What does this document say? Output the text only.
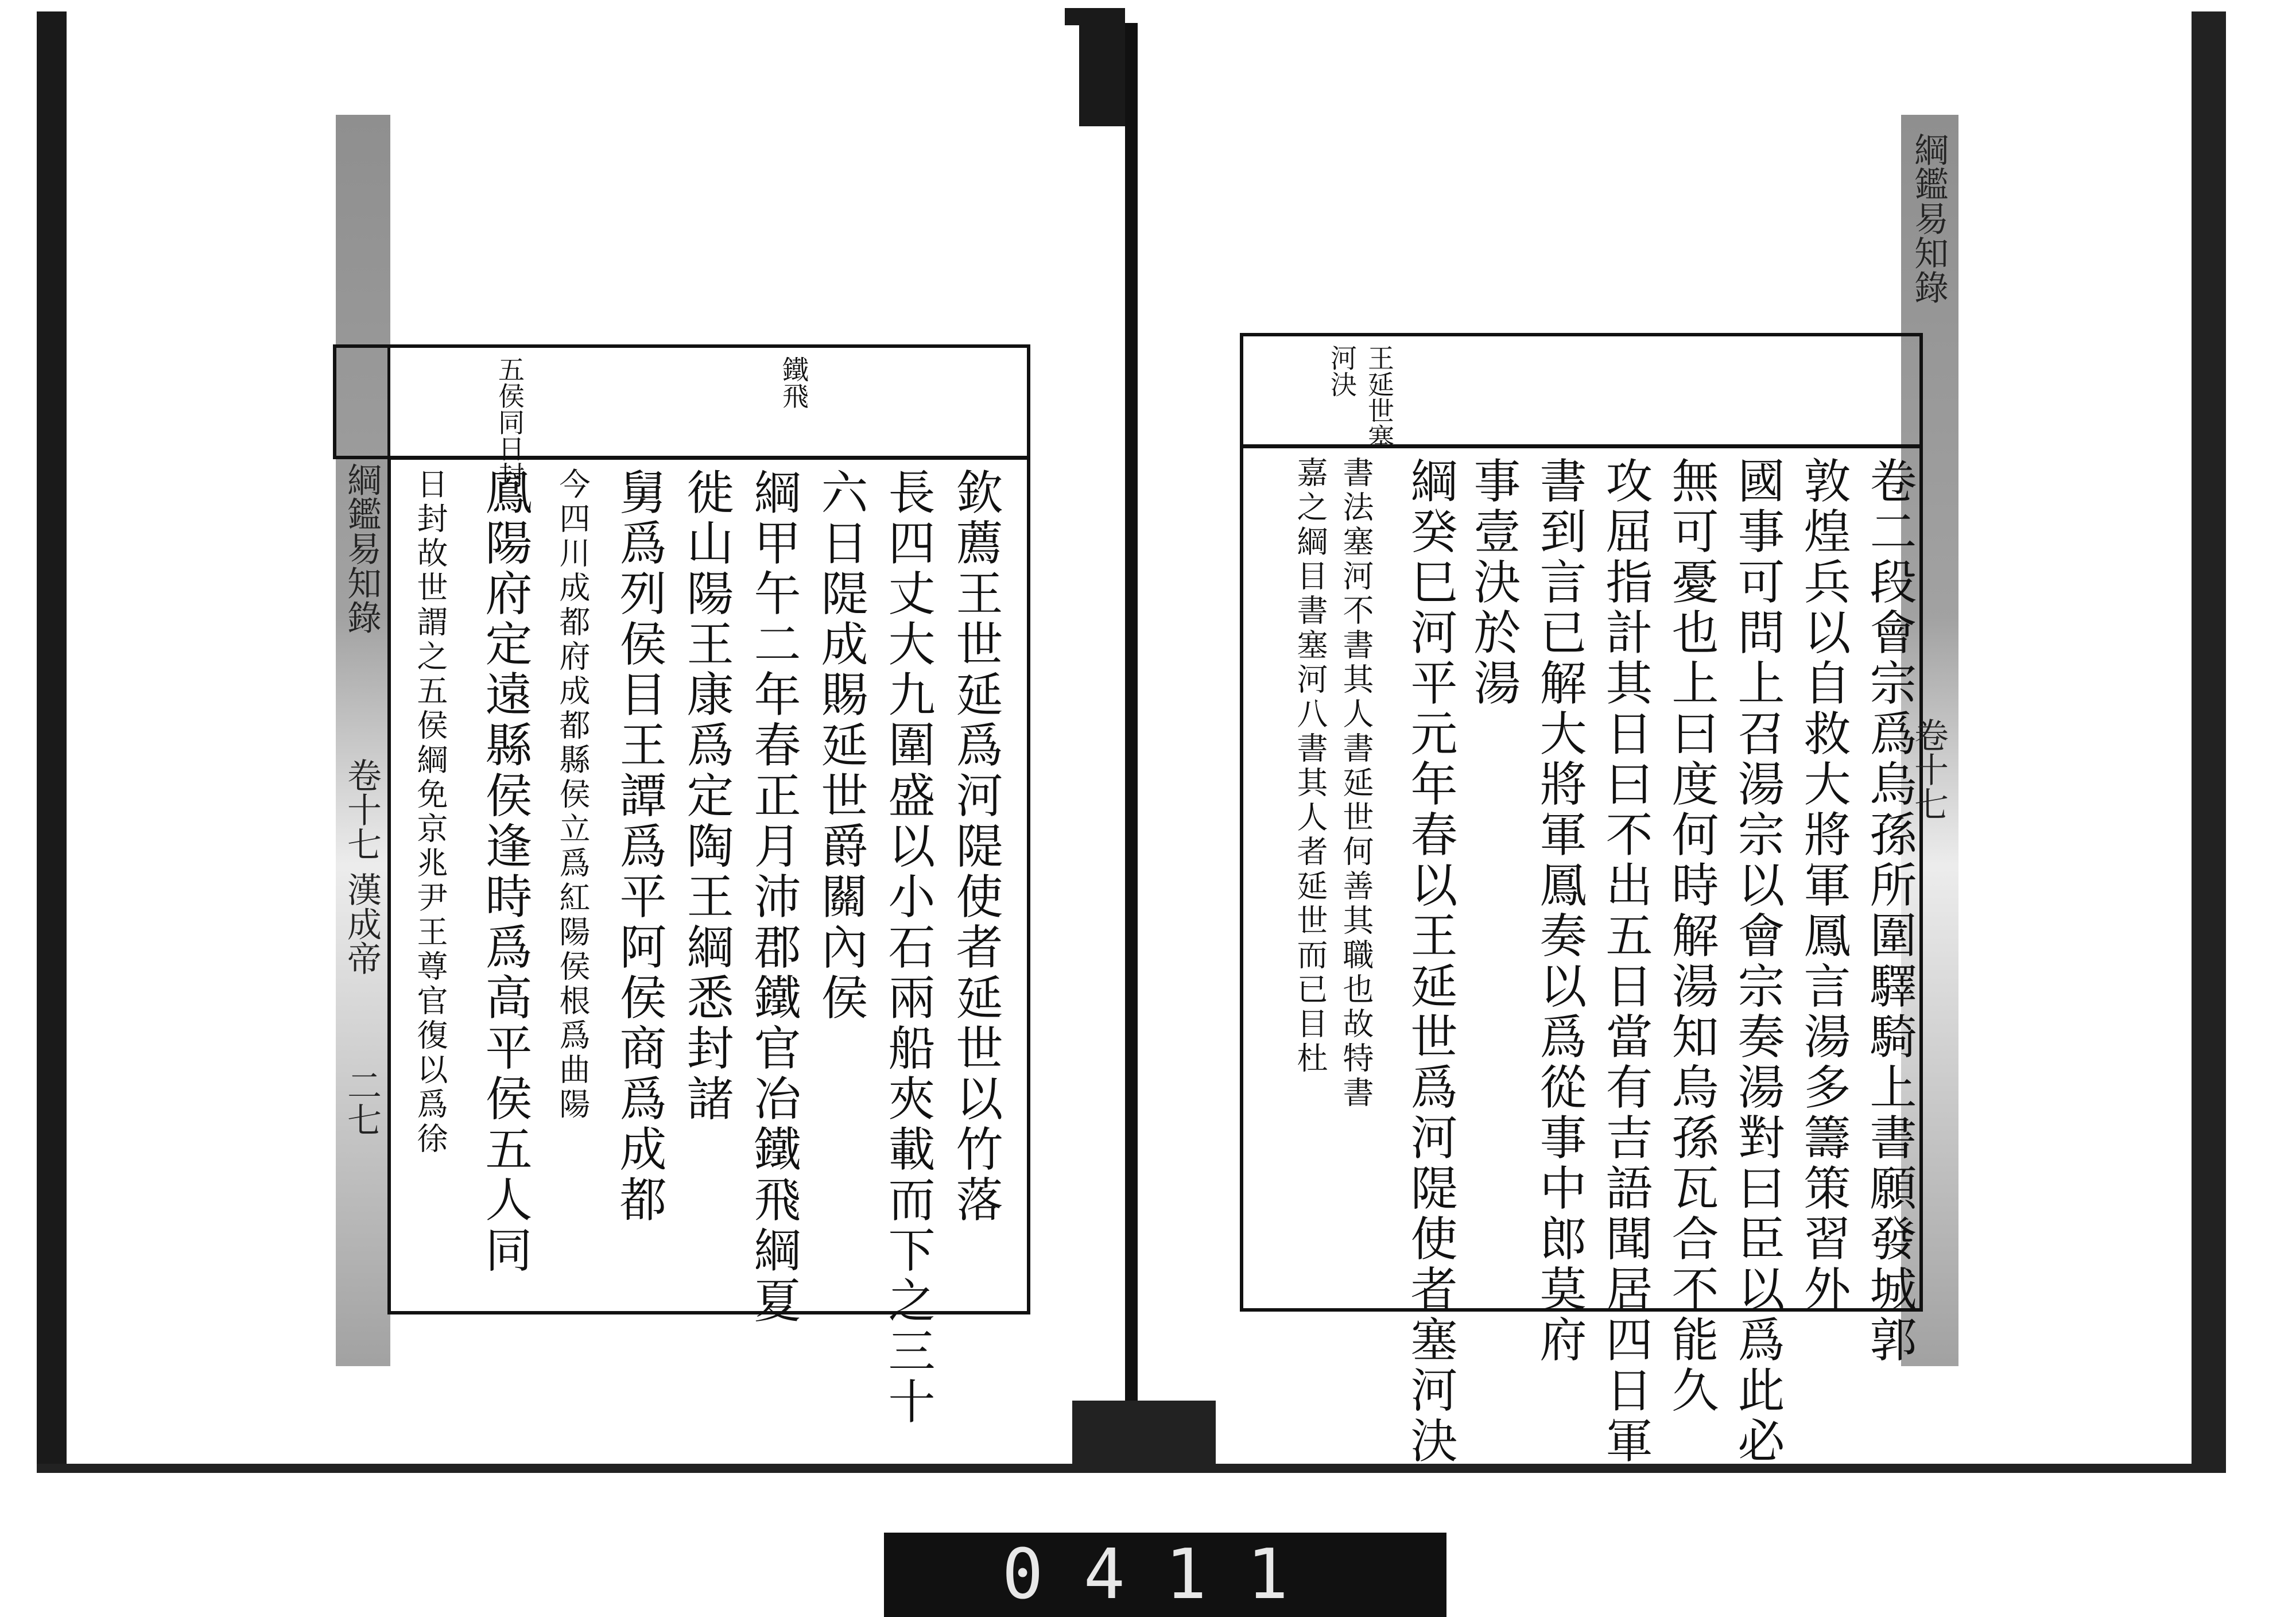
五侯同日封	鐵飛
綱鑑易知錄
卷十七 漢成帝
二七	欽薦王世延爲河隄使者延世以竹落
長四丈大九圍盛以小石兩船夾載而下之三十
六日隄成賜延世爵關內侯
綱甲午二年春正月沛郡鐵官冶鐵飛綱夏
徙山陽王康爲定陶王綱悉封諸
舅爲列侯目王譚爲平阿侯商爲成都
今四川成都府成都縣侯立爲紅陽侯根爲曲陽
鳳陽府定遠縣侯逢時爲高平侯五人同
日封故世謂之五侯綱免京兆尹王尊官復以爲徐
王延世塞
河決
卷二段會宗爲烏孫所圍驛騎上書願發城郭
敦煌兵以自救大將軍鳳言湯多籌策習外
國事可問上召湯宗以會宗奏湯對曰臣以爲此必
無可憂也上曰度何時解湯知烏孫瓦合不能久
攻屈指計其日曰不出五日當有吉語聞居四日軍
書到言已解大將軍鳳奏以爲從事中郎莫府
事壹決於湯
綱癸巳河平元年春以王延世爲河隄使者塞河決
書法塞河不書其人書延世何善其職也故特書
嘉之綱目書塞河八書其人者延世而已目杜
綱鑑易知錄
卷十七
0411
